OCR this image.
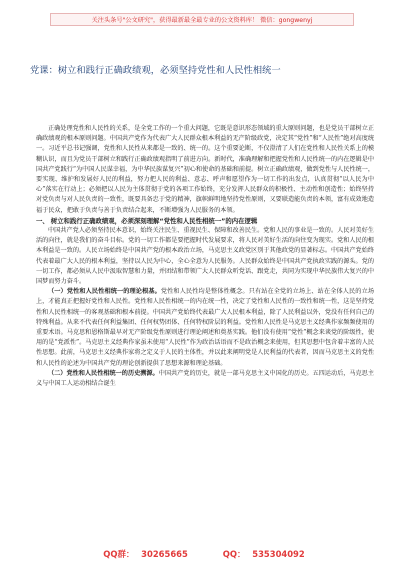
关注头条号"公文研究"，获得最新最全最专业的公文资料库！ 微信：gongwenyj
党课：树立和践行正确政绩观，必须坚持党性和人民性相统一

正确处理党性和人民性的关系，是全党工作的一个重大问题，它既是意识形态领域的重大原则问题，也是党员干部树立正确政绩观的根本原则问题。中国共产党作为代表广大人民群众根本利益的无产阶级政党，决定其“党性”和“人民性”绝对高度统一。习近平总书记强调，党性和人民性从来都是一致的、统一的。这个重要论断，不仅澄清了人们在党性和人民性关系上的模糊认识，而且为党员干部树立和践行正确政绩观指明了前进方向。新时代，准确理解和把握党性和人民性统一的内在逻辑是中国共产党践行“为中国人民谋幸福，为中华民族谋复兴”初心和使命的基础和前提。树立正确政绩观，做到党性与人民性统一，要实现、维护和发展好人民的利益，努力把人民的利益、意志、呼声和愿望作为一切工作的出发点，认真贯彻“以人民为中心”落实在行动上；必须把以人民为主体贯彻于党的各项工作始终，充分发挥人民群众的积极性、主动性和创造性；始终坚持对党负责与对人民负责的一致性，既要具备忠于党的精神，旗帜鲜明地坚持党性原则，又要联造能负责的本领，富有成效地造福于民众，把敢于负责与善于负责结合起来，不断增强为人民服务的本领。

一、 树立和践行正确政绩观，必须深刻理解“党性和人民性相统一”的内在逻辑

中国共产党人必须坚持民本意识，始终关注民生、重视民生、保障和改善民生。党和人民的事业是一致的。人民对美好生活的向往，就是我们的奋斗目标。党的一切工作都是要把握时代发展要求，将人民对美好生活的向往变为现实。党和人民的根本利益是一致的。人民立场始终是中国共产党的根本政治立场，马克思主义政党区别于其他政党的显著标志。中国共产党始终代表着最广大人民的根本利益，坚持以人民为中心，全心全意为人民服务。人民群众始终是中国共产党执政实践的源头。党的一切工作，都必须从人民中汲取智慧和力量，并团结和带领广大人民群众听党话、跟党走，共同为实现中华民族伟大复兴的中国梦而努力奋斗。

（一）党性和人民性相统一的理论根基。党性和人民性均是整体性概念。只有站在全党的立场上、站在全体人民的立场上，才能真正把握好党性和人民性。党性和人民性相统一的内在统一性，决定了党性和人民性的一致性和统一性，这是坚持党性和人民性相统一的客观基础和根本前提。中国共产党始终代表最广大人民根本利益，除了人民利益以外，党没有任何自己的特殊利益。从来不代表任何利益集团、任何权势团体、任何特权阶层的利益。党性和人民性是马克思主义经典作家频频使用的重要术语。马克思和恩格斯最早对无产阶级党性原则进行理论阐述和奠基实践。他们没有使用“党性”概念来谈党的阶级性，使用的是“党派性”。马克思主义经典作家虽未使用“人民性”作为政治话语而不是政治概念来使用，但其思想中包含着丰富的人民性思想。此前，马克思主义经典作家将之定义于人民的主体性，并以此来阐明党是人民利益的代表者，因而马克思主义的党性和人民性的论述为中国共产党的理论创新提供了思想来源和理论基础。

（二）党性和人民性相统一的历史溯源。中国共产党的历史，就是一部马克思主义中国化的历史。五四运动后，马克思主义与中国工人运动相结合诞生

QQ群： 30265665	QQ： 535304092
